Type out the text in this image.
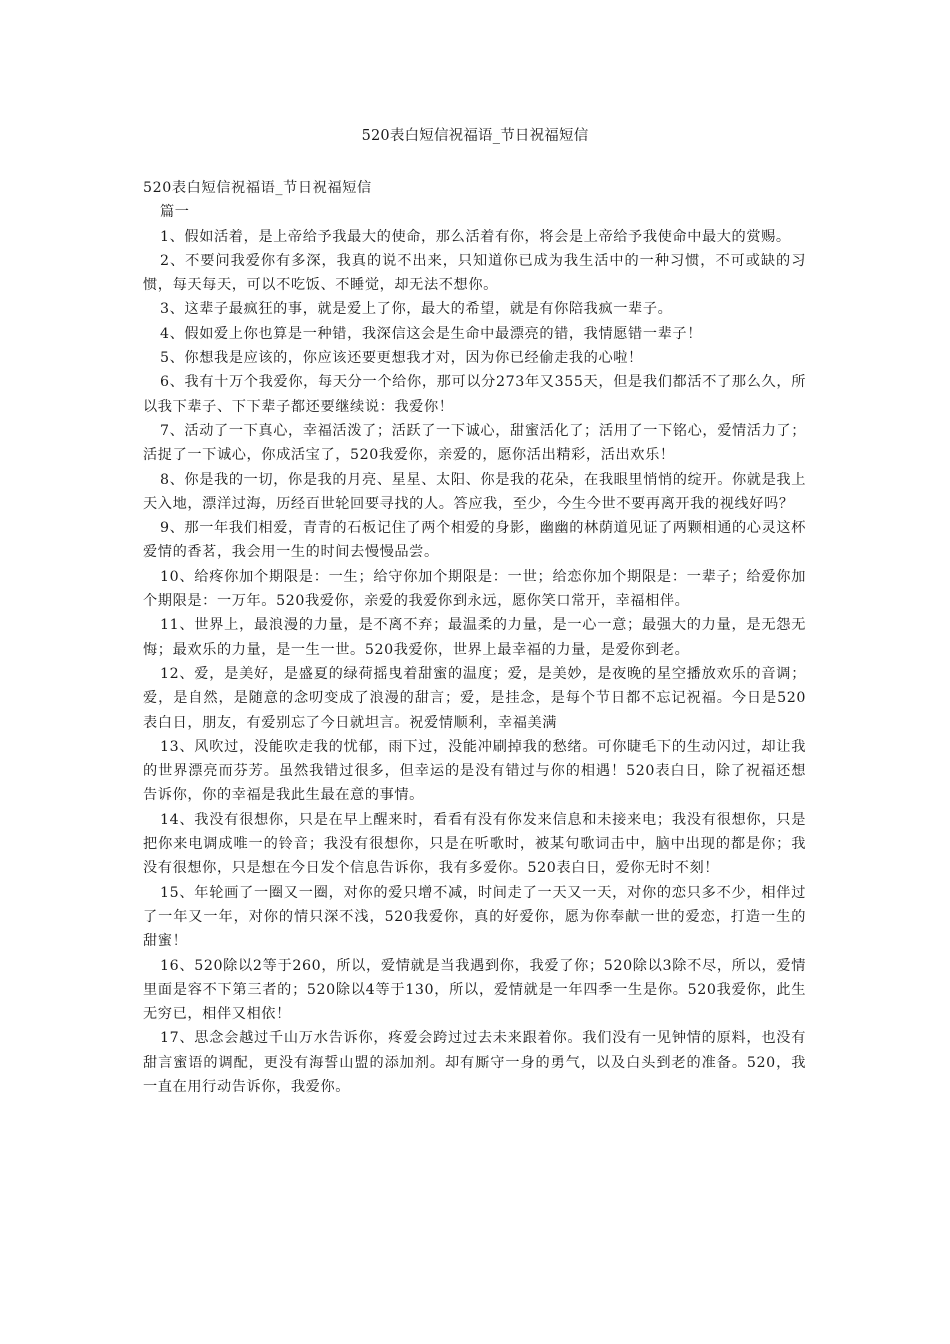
520表白短信祝福语_节日祝福短信

520表白短信祝福语_节日祝福短信

篇一

1、假如活着，是上帝给予我最大的使命，那么活着有你，将会是上帝给予我使命中最大的赏赐。

2、不要问我爱你有多深，我真的说不出来，只知道你已成为我生活中的一种习惯，不可或缺的习惯，每天每天，可以不吃饭、不睡觉，却无法不想你。

3、这辈子最疯狂的事，就是爱上了你，最大的希望，就是有你陪我疯一辈子。

4、假如爱上你也算是一种错，我深信这会是生命中最漂亮的错，我情愿错一辈子！

5、你想我是应该的，你应该还要更想我才对，因为你已经偷走我的心啦！

6、我有十万个我爱你，每天分一个给你，那可以分273年又355天，但是我们都活不了那么久，所以我下辈子、下下辈子都还要继续说：我爱你！

7、活动了一下真心，幸福活泼了；活跃了一下诚心，甜蜜活化了；活用了一下铭心，爱情活力了；活捉了一下诚心，你成活宝了，520我爱你，亲爱的，愿你活出精彩，活出欢乐！

8、你是我的一切，你是我的月亮、星星、太阳、你是我的花朵，在我眼里悄悄的绽开。你就是我上天入地，漂洋过海，历经百世轮回要寻找的人。答应我，至少，今生今世不要再离开我的视线好吗？

9、那一年我们相爱，青青的石板记住了两个相爱的身影，幽幽的林荫道见证了两颗相通的心灵这杯爱情的香茗，我会用一生的时间去慢慢品尝。

10、给疼你加个期限是：一生；给守你加个期限是：一世；给恋你加个期限是：一辈子；给爱你加个期限是：一万年。520我爱你，亲爱的我爱你到永远，愿你笑口常开，幸福相伴。

11、世界上，最浪漫的力量，是不离不弃；最温柔的力量，是一心一意；最强大的力量，是无怨无悔；最欢乐的力量，是一生一世。520我爱你，世界上最幸福的力量，是爱你到老。

12、爱，是美好，是盛夏的绿荷摇曳着甜蜜的温度；爱，是美妙，是夜晚的星空播放欢乐的音调；爱，是自然，是随意的念叨变成了浪漫的甜言；爱，是挂念，是每个节日都不忘记祝福。今日是520表白日，朋友，有爱别忘了今日就坦言。祝爱情顺利，幸福美满

13、风吹过，没能吹走我的忧郁，雨下过，没能冲刷掉我的愁绪。可你睫毛下的生动闪过，却让我的世界漂亮而芬芳。虽然我错过很多，但幸运的是没有错过与你的相遇！520表白日，除了祝福还想告诉你，你的幸福是我此生最在意的事情。

14、我没有很想你，只是在早上醒来时，看看有没有你发来信息和未接来电；我没有很想你，只是把你来电调成唯一的铃音；我没有很想你，只是在听歌时，被某句歌词击中，脑中出现的都是你；我没有很想你，只是想在今日发个信息告诉你，我有多爱你。520表白日，爱你无时不刻！

15、年轮画了一圈又一圈，对你的爱只增不减，时间走了一天又一天，对你的恋只多不少，相伴过了一年又一年，对你的情只深不浅，520我爱你，真的好爱你，愿为你奉献一世的爱恋，打造一生的甜蜜！

16、520除以2等于260，所以，爱情就是当我遇到你，我爱了你；520除以3除不尽，所以，爱情里面是容不下第三者的；520除以4等于130，所以，爱情就是一年四季一生是你。520我爱你，此生无穷已，相伴又相依！

17、思念会越过千山万水告诉你，疼爱会跨过过去未来跟着你。我们没有一见钟情的原料，也没有甜言蜜语的调配，更没有海誓山盟的添加剂。却有厮守一身的勇气，以及白头到老的准备。520，我一直在用行动告诉你，我爱你。
